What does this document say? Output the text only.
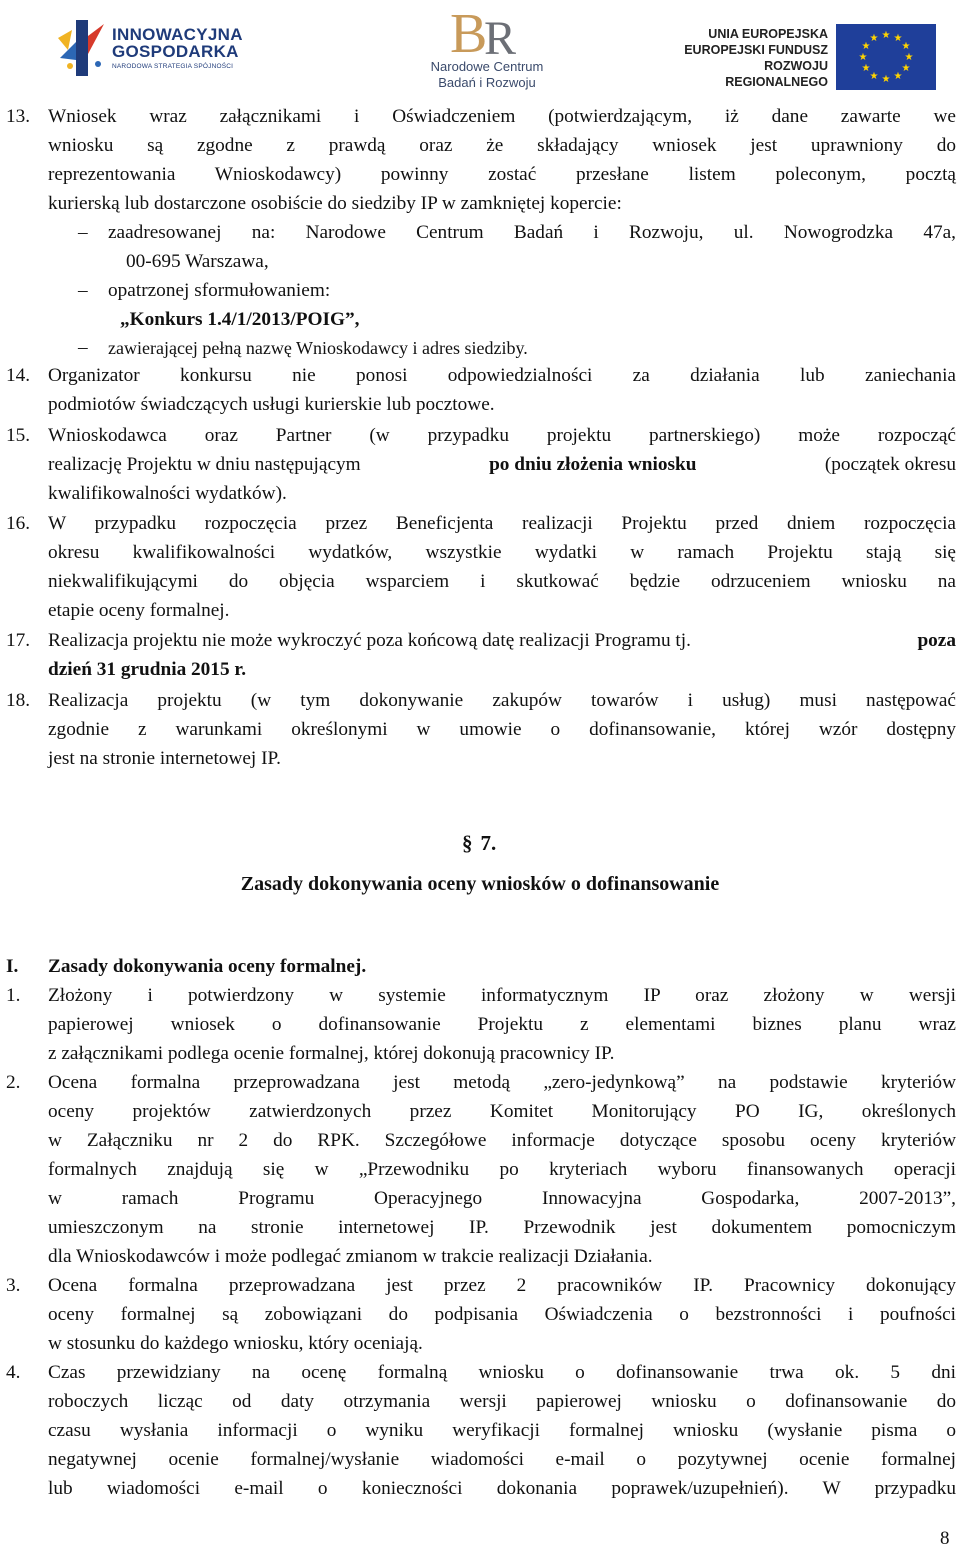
INNOWACYJNA
GOSPODARKA
NARODOWA STRATEGIA SPÓJNOŚCI
B
R
Narodowe Centrum
Badań i Rozwoju
UNIA EUROPEJSKA
EUROPEJSKI FUNDUSZ
ROZWOJU REGIONALNEGO
★ ★
★
★
★
★
★
★
★
★
★
★
13. Wniosek wraz załącznikami i Oświadczeniem (potwierdzającym, iż dane zawarte we
wniosku są zgodne z prawdą oraz że składający wniosek jest uprawniony do
reprezentowania Wnioskodawcy) powinny zostać przesłane listem poleconym, pocztą
kurierską lub dostarczone osobiście do siedziby IP w zamkniętej kopercie:
– zaadresowanej na: Narodowe Centrum Badań i Rozwoju, ul. Nowogrodzka 47a,
00-695 Warszawa,
– opatrzonej sformułowaniem:
„Konkurs 1.4/1/2013/POIG”,
– zawierającej pełną nazwę Wnioskodawcy i adres siedziby.
14. Organizator konkursu nie ponosi odpowiedzialności za działania lub zaniechania
podmiotów świadczących usługi kurierskie lub pocztowe.
15. Wnioskodawca oraz Partner (w przypadku projektu partnerskiego) może rozpocząć
realizację Projektu w dniu następującym	po dniu złożenia wniosku	(początek okresu
kwalifikowalności wydatków).
16. W przypadku rozpoczęcia przez Beneficjenta realizacji Projektu przed dniem rozpoczęcia
okresu kwalifikowalności wydatków, wszystkie wydatki w ramach Projektu stają się
niekwalifikującymi do objęcia wsparciem i skutkować będzie odrzuceniem wniosku na
etapie oceny formalnej.
17. Realizacja projektu nie może wykroczyć poza końcową datę realizacji Programu tj.	poza
dzień 31 grudnia 2015 r.
18. Realizacja projektu (w tym dokonywanie zakupów towarów i usług) musi następować
zgodnie z warunkami określonymi w umowie o dofinansowanie, której wzór dostępny
jest na stronie internetowej IP.
§ 7.
Zasady dokonywania oceny wniosków o dofinansowanie
I. Zasady dokonywania oceny formalnej.
1. Złożony i potwierdzony w systemie informatycznym IP oraz złożony w wersji
papierowej wniosek o dofinansowanie Projektu z elementami biznes planu wraz
z załącznikami podlega ocenie formalnej, której dokonują pracownicy IP.
2. Ocena formalna przeprowadzana jest metodą „zero-jedynkową” na podstawie kryteriów
oceny projektów zatwierdzonych przez Komitet Monitorujący PO IG, określonych
w Załączniku nr 2 do RPK. Szczegółowe informacje dotyczące sposobu oceny kryteriów
formalnych znajdują się w „Przewodniku po kryteriach wyboru finansowanych operacji
w ramach Programu Operacyjnego Innowacyjna Gospodarka, 2007-2013”,
umieszczonym na stronie internetowej IP. Przewodnik jest dokumentem pomocniczym
dla Wnioskodawców i może podlegać zmianom w trakcie realizacji Działania.
3. Ocena formalna przeprowadzana jest przez 2 pracowników IP. Pracownicy dokonujący
oceny formalnej są zobowiązani do podpisania Oświadczenia o bezstronności i poufności
w stosunku do każdego wniosku, który oceniają.
4. Czas przewidziany na ocenę formalną wniosku o dofinansowanie trwa ok. 5 dni
roboczych licząc od daty otrzymania wersji papierowej wniosku o dofinansowanie do
czasu wysłania informacji o wyniku weryfikacji formalnej wniosku (wysłanie pisma o
negatywnej ocenie formalnej/wysłanie wiadomości e-mail o pozytywnej ocenie formalnej
lub wiadomości e-mail o konieczności dokonania poprawek/uzupełnień). W przypadku
8
